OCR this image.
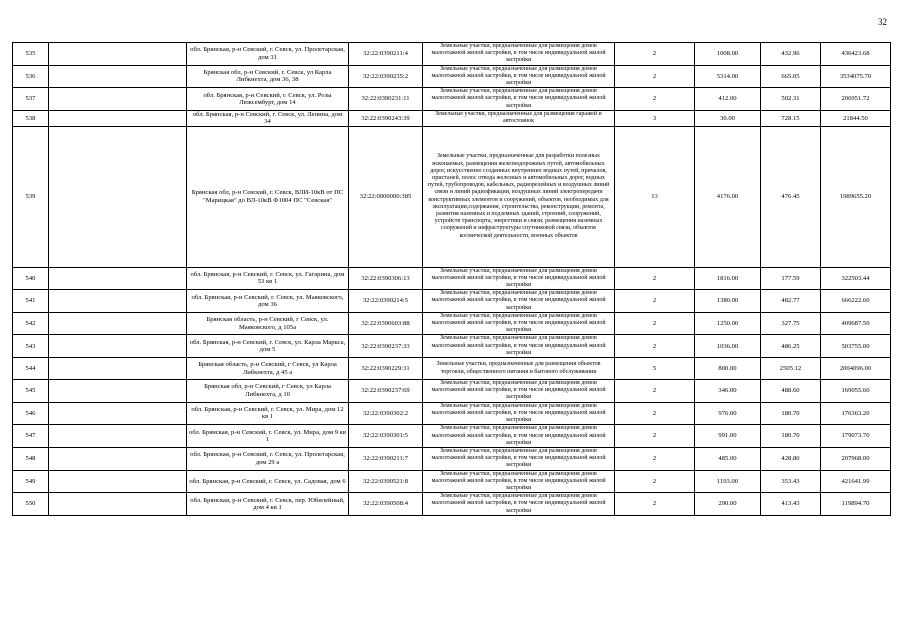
32
535		обл. Брянская, р-н Севский, г. Севск, ул. Пролетарская, дом 31	32:22:0390211:4	Земельные участки, предназначенные для размещения домов малоэтажной жилой застройки, в том числе индивидуальной жилой застройки	2	1008.00	432.96	436423.68
536		Брянская обл, р-н Севский, г. Севск, ул Карла Либкнехта, дом 36, 38	32:22:0390235:2	Земельные участки, предназначенные для размещения домов малоэтажной жилой застройки, в том числе индивидуальной жилой застройки	2	5314.00	665.05	3534075.70
537		обл. Брянская, р-н Севский, г. Севск, ул. Розы Люксембург, дом 14	32:22:0390231:11	Земельные участки, предназначенные для размещения домов малоэтажной жилой застройки, в том числе индивидуальной жилой застройки	2	412.00	502.31	206951.72
538		обл. Брянская, р-н Севский, г. Севск, ул. Ленина, дом 34	32:22:0390243:39	Земельные участки, предназначенные для размещения гаражей и автостоянок	3	30.00	728.15	21844.50
539		Брянская обл, р-н Севский, г. Севск, ВЛИ-10кВ от ПС "Марицкая" до ВЛ-10кВ Ф1004 ПС "Севская"	32:22:0000000:385	Земельные участки, предназначенные для разработки полезных ископаемых, размещения железнодорожных путей, автомобильных дорог, искусственно созданных внутренних водных путей, причалов, пристаней, полос отвода железных и автомобильных дорог, водных путей, трубопроводов, кабельных, радиорелейных и воздушных линий связи и линий радиофикации, воздушных линий электропередачи конструктивных элементов и сооружений, объектов, необходимых для эксплуатации,содержания, строительства, реконструкции, ремонта, развития наземных и подземных зданий, строений, сооружений, устройств транспорта, энергетики и связи; размещения наземных сооружений и инфраструктуры спутниковой связи, объектов космической деятельности, военных объектов	13	4176.00	476.45	1989655.20
540		обл. Брянская, р-н Севский, г. Севск, ул. Гагарина, дом 53 кв 1	32:22:0390306:13	Земельные участки, предназначенные для размещения домов малоэтажной жилой застройки, в том числе индивидуальной жилой застройки	2	1816.00	177.59	322503.44
541		обл. Брянская, р-н Севский, г. Севск, ул. Маяковского, дом 36	32:22:0390214:5	Земельные участки, предназначенные для размещения домов малоэтажной жилой застройки, в том числе индивидуальной жилой застройки	2	1380.00	482.77	666222.60
542		Брянская область, р-н Севский, г Севск, ул. Маяковского, д 105а	32:22:0390603:88	Земельные участки, предназначенные для размещения домов малоэтажной жилой застройки, в том числе индивидуальной жилой застройки	2	1250.00	327.75	409687.50
543		обл. Брянская, р-н Севский, г. Севск, ул. Карла Маркса, дом 5	32:22:0390237:33	Земельные участки, предназначенные для размещения домов малоэтажной жилой застройки, в том числе индивидуальной жилой застройки	2	1036.00	486.25	503755.00
544		Брянская область, р-н Севский, г Севск, ул Карла Либкнехта, д 45 а	32:22:0390229:31	Земельные участки, предназначенные для размещения объектов торговли, общественного питания и бытового обслуживания	5	800.00	2505.12	2004096.00
545		Брянская обл, р-н Севский, г Севск, ул Карла Либкнехта, д 10	32:22:0390237:69	Земельные участки, предназначенные для размещения домов малоэтажной жилой застройки, в том числе индивидуальной жилой застройки	2	346.00	488.60	169055.60
546		обл. Брянская, р-н Севский, г. Севск, ул. Мира, дом 12 кв 1	32:22:0390302:2	Земельные участки, предназначенные для размещения домов малоэтажной жилой застройки, в том числе индивидуальной жилой застройки	2	976.00	180.70	176363.20
547		обл. Брянская, р-н Севский, г. Севск, ул. Мира, дом 9 кв 1	32:22:0390301:5	Земельные участки, предназначенные для размещения домов малоэтажной жилой застройки, в том числе индивидуальной жилой застройки	2	991.00	180.70	179073.70
548		обл. Брянская, р-н Севский, г. Севск, ул. Пролетарская, дом 29 а	32:22:0390211:7	Земельные участки, предназначенные для размещения домов малоэтажной жилой застройки, в том числе индивидуальной жилой застройки	2	485.00	428.80	207968.00
549		обл. Брянская, р-н Севский, г. Севск, ул. Садовая, дом 6	32:22:0390521:8	Земельные участки, предназначенные для размещения домов малоэтажной жилой застройки, в том числе индивидуальной жилой застройки	2	1193.00	353.43	421641.99
550		обл. Брянская, р-н Севский, г. Севск, пер. Юбилейный, дом 4 кв 1	32:22:0390508:4	Земельные участки, предназначенные для размещения домов малоэтажной жилой застройки, в том числе индивидуальной жилой застройки	2	290.00	413.43	119894.70
